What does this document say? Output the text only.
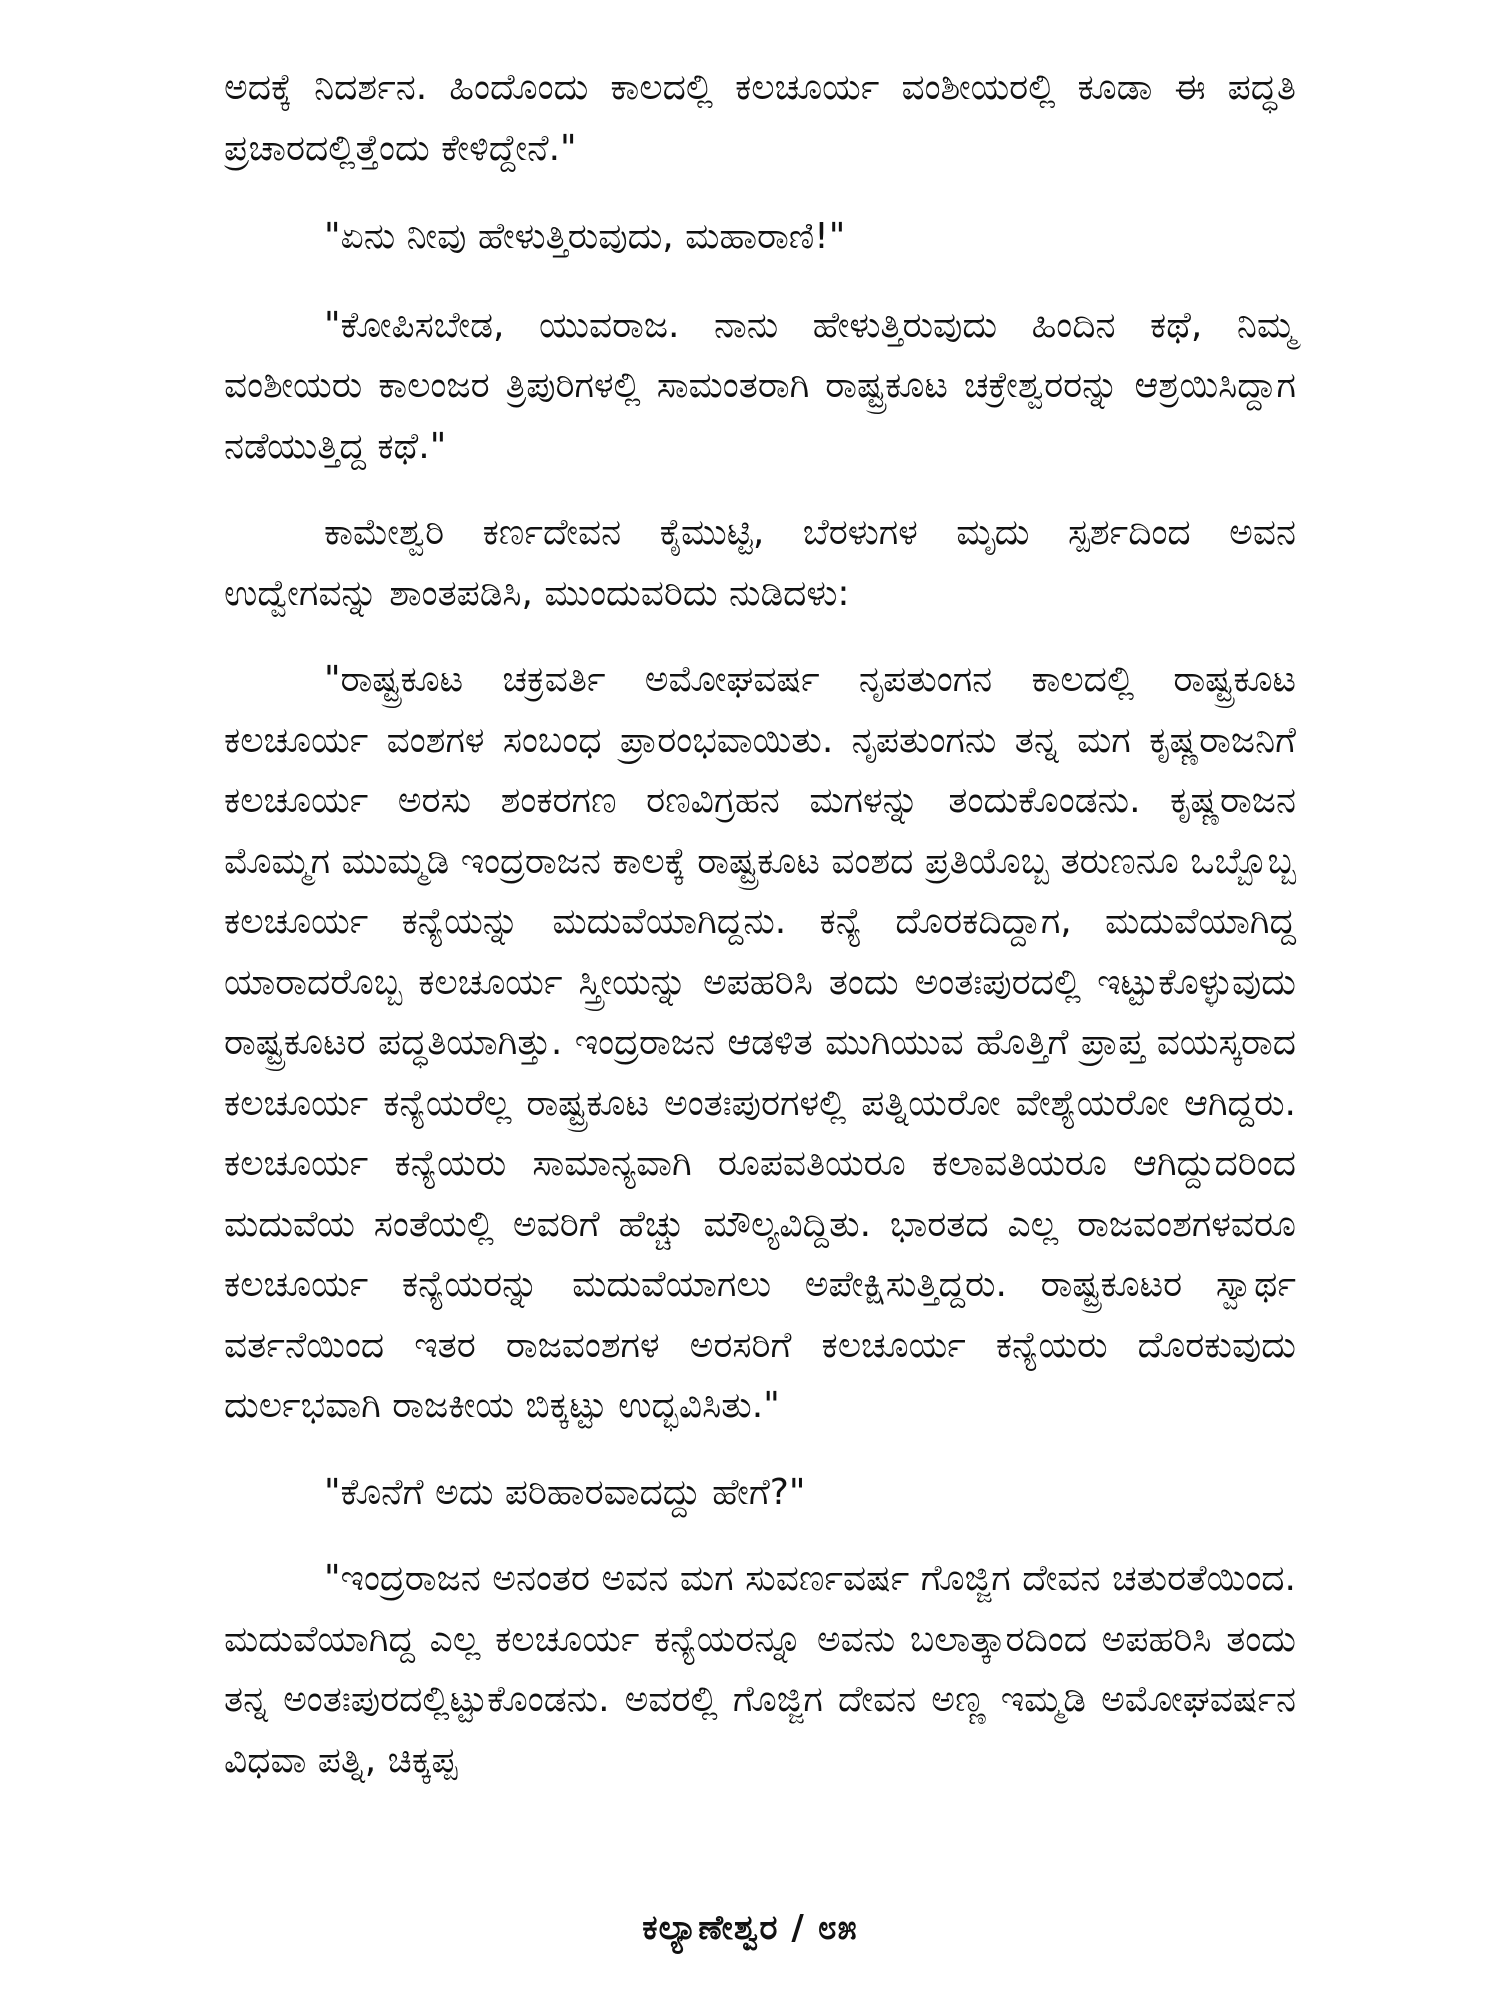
ಅದಕ್ಕೆ ನಿದರ್ಶನ. ಹಿಂದೊಂದು ಕಾಲದಲ್ಲಿ ಕಲಚೂರ್ಯ ವಂಶೀಯರಲ್ಲಿ ಕೂಡಾ ಈ ಪದ್ಧತಿ ಪ್ರಚಾರದಲ್ಲಿತ್ತೆಂದು ಕೇಳಿದ್ದೇನೆ."

"ಏನು ನೀವು ಹೇಳುತ್ತಿರುವುದು, ಮಹಾರಾಣಿ!"

"ಕೋಪಿಸಬೇಡ, ಯುವರಾಜ. ನಾನು ಹೇಳುತ್ತಿರುವುದು ಹಿಂದಿನ ಕಥೆ, ನಿಮ್ಮ ವಂಶೀಯರು ಕಾಲಂಜರ ತ್ರಿಪುರಿಗಳಲ್ಲಿ ಸಾಮಂತರಾಗಿ ರಾಷ್ಟ್ರಕೂಟ ಚಕ್ರೇಶ್ವರರನ್ನು ಆಶ್ರಯಿಸಿದ್ದಾಗ ನಡೆಯುತ್ತಿದ್ದ ಕಥೆ."

ಕಾಮೇಶ್ವರಿ ಕರ್ಣದೇವನ ಕೈಮುಟ್ಟಿ, ಬೆರಳುಗಳ ಮೃದು ಸ್ಪರ್ಶದಿಂದ ಅವನ ಉದ್ವೇಗವನ್ನು ಶಾಂತಪಡಿಸಿ, ಮುಂದುವರಿದು ನುಡಿದಳು:

"ರಾಷ್ಟ್ರಕೂಟ ಚಕ್ರವರ್ತಿ ಅಮೋಘವರ್ಷ ನೃಪತುಂಗನ ಕಾಲದಲ್ಲಿ ರಾಷ್ಟ್ರಕೂಟ ಕಲಚೂರ್ಯ ವಂಶಗಳ ಸಂಬಂಧ ಪ್ರಾರಂಭವಾಯಿತು. ನೃಪತುಂಗನು ತನ್ನ ಮಗ ಕೃಷ್ಣರಾಜನಿಗೆ ಕಲಚೂರ್ಯ ಅರಸು ಶಂಕರಗಣ ರಣವಿಗ್ರಹನ ಮಗಳನ್ನು ತಂದುಕೊಂಡನು. ಕೃಷ್ಣರಾಜನ ಮೊಮ್ಮಗ ಮುಮ್ಮಡಿ ಇಂದ್ರರಾಜನ ಕಾಲಕ್ಕೆ ರಾಷ್ಟ್ರಕೂಟ ವಂಶದ ಪ್ರತಿಯೊಬ್ಬ ತರುಣನೂ ಒಬ್ಬೊಬ್ಬ ಕಲಚೂರ್ಯ ಕನ್ಯೆಯನ್ನು ಮದುವೆಯಾಗಿದ್ದನು. ಕನ್ಯೆ ದೊರಕದಿದ್ದಾಗ, ಮದುವೆಯಾಗಿದ್ದ ಯಾರಾದರೊಬ್ಬ ಕಲಚೂರ್ಯ ಸ್ತ್ರೀಯನ್ನು ಅಪಹರಿಸಿ ತಂದು ಅಂತಃಪುರದಲ್ಲಿ ಇಟ್ಟುಕೊಳ್ಳುವುದು ರಾಷ್ಟ್ರಕೂಟರ ಪದ್ಧತಿಯಾಗಿತ್ತು. ಇಂದ್ರರಾಜನ ಆಡಳಿತ ಮುಗಿಯುವ ಹೊತ್ತಿಗೆ ಪ್ರಾಪ್ತ ವಯಸ್ಕರಾದ ಕಲಚೂರ್ಯ ಕನ್ಯೆಯರೆಲ್ಲ ರಾಷ್ಟ್ರಕೂಟ ಅಂತಃಪುರಗಳಲ್ಲಿ ಪತ್ನಿಯರೋ ವೇಶ್ಯೆಯರೋ ಆಗಿದ್ದರು. ಕಲಚೂರ್ಯ ಕನ್ಯೆಯರು ಸಾಮಾನ್ಯವಾಗಿ ರೂಪವತಿಯರೂ ಕಲಾವತಿಯರೂ ಆಗಿದ್ದುದರಿಂದ ಮದುವೆಯ ಸಂತೆಯಲ್ಲಿ ಅವರಿಗೆ ಹೆಚ್ಚು ಮೌಲ್ಯವಿದ್ದಿತು. ಭಾರತದ ಎಲ್ಲ ರಾಜವಂಶಗಳವರೂ ಕಲಚೂರ್ಯ ಕನ್ಯೆಯರನ್ನು ಮದುವೆಯಾಗಲು ಅಪೇಕ್ಷಿಸುತ್ತಿದ್ದರು. ರಾಷ್ಟ್ರಕೂಟರ ಸ್ವಾರ್ಥ ವರ್ತನೆಯಿಂದ ಇತರ ರಾಜವಂಶಗಳ ಅರಸರಿಗೆ ಕಲಚೂರ್ಯ ಕನ್ಯೆಯರು ದೊರಕುವುದು ದುರ್ಲಭವಾಗಿ ರಾಜಕೀಯ ಬಿಕ್ಕಟ್ಟು ಉದ್ಭವಿಸಿತು."

"ಕೊನೆಗೆ ಅದು ಪರಿಹಾರವಾದದ್ದು ಹೇಗೆ?"

"ಇಂದ್ರರಾಜನ ಅನಂತರ ಅವನ ಮಗ ಸುವರ್ಣವರ್ಷ ಗೊಜ್ಜಿಗ ದೇವನ ಚತುರತೆಯಿಂದ. ಮದುವೆಯಾಗಿದ್ದ ಎಲ್ಲ ಕಲಚೂರ್ಯ ಕನ್ಯೆಯರನ್ನೂ ಅವನು ಬಲಾತ್ಕಾರದಿಂದ ಅಪಹರಿಸಿ ತಂದು ತನ್ನ ಅಂತಃಪುರದಲ್ಲಿಟ್ಟುಕೊಂಡನು. ಅವರಲ್ಲಿ ಗೊಜ್ಜಿಗ ದೇವನ ಅಣ್ಣ ಇಮ್ಮಡಿ ಅಮೋಘವರ್ಷನ ವಿಧವಾ ಪತ್ನಿ, ಚಿಕ್ಕಪ್ಪ

ಕಲ್ಯಾಣೇಶ್ವರ / ೮೫
